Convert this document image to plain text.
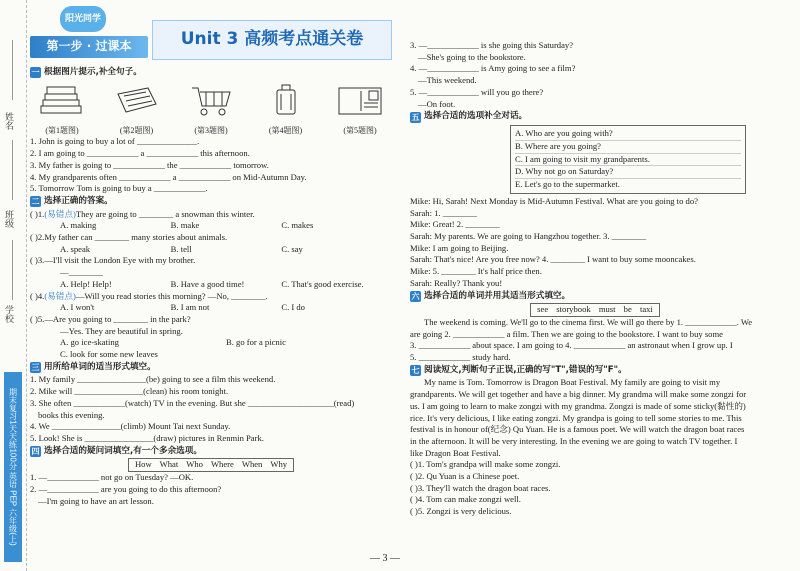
姓名
班级
学校
期末复习1天天练100分 英语 PEP 六年级(上)
阳光同学
第一步 · 过课本	Unit 3 高频考点通关卷
一 根据图片提示,补全句子。
(第1题图)	(第2题图)	(第3题图)	(第4题图)	(第5题图)
1. John is going to buy a lot of ______________.
2. I am going to ____________ a ____________ this afternoon.
3. My father is going to ____________ the ____________ tomorrow.
4. My grandparents often ____________ a ____________ on Mid-Autumn Day.
5. Tomorrow Tom is going to buy a ____________.
二 选择正确的答案。
( )1.(易错点)They are going to ________ a snowman this winter.
A. making	B. make	C. makes
( )2.My father can ________ many stories about animals.
A. speak	B. tell	C. say
( )3.—I'll visit the London Eye with my brother.
—________
A. Help! Help!	B. Have a good time!	C. That's good exercise.
( )4.(易错点)—Will you read stories this morning? —No, ________.
A. I won't	B. I am not	C. I do
( )5.—Are you going to ________ in the park?
—Yes. They are beautiful in spring.
A. go ice-skating	B. go for a picnic
C. look for some new leaves
三 用所给单词的适当形式填空。
1. My family ________________(be) going to see a film this weekend.
2. Mike will ________________(clean) his room tonight.
3. She often ____________(watch) TV in the evening. But she ____________________(read)
books this evening.
4. We ________________(climb) Mount Tai next Sunday.
5. Look! She is ________________(draw) pictures in Renmin Park.
四 选择合适的疑问词填空,有一个多余选项。
How What Who Where When Why
1. —____________ not go on Tuesday? —OK.
2. —____________ are you going to do this afternoon?
—I'm going to have an art lesson.
3. —____________ is she going this Saturday?
—She's going to the bookstore.
4. —____________ is Amy going to see a film?
—This weekend.
5. —____________ will you go there?
—On foot.
五 选择合适的选项补全对话。
A. Who are you going with?
B. Where are you going?
C. I am going to visit my grandparents.
D. Why not go on Saturday?
E. Let's go to the supermarket.
Mike: Hi, Sarah! Next Monday is Mid-Autumn Festival. What are you going to do?
Sarah: 1. ________
Mike: Great! 2. ________
Sarah: My parents. We are going to Hangzhou together. 3. ________
Mike: I am going to Beijing.
Sarah: That's nice! Are you free now? 4. ________ I want to buy some mooncakes.
Mike: 5. ________ It's half price then.
Sarah: Really? Thank you!
六 选择合适的单词并用其适当形式填空。
see storybook must be taxi
The weekend is coming. We'll go to the cinema first. We will go there by 1. ____________. We
are going 2. ____________ a film. Then we are going to the bookstore. I want to buy some
3. ____________ about space. I am going to 4. ____________ an astronaut when I grow up. I
5. ____________ study hard.
七 阅读短文,判断句子正误,正确的写"T",错误的写"F"。
My name is Tom. Tomorrow is Dragon Boat Festival. My family are going to visit my
grandparents. We will get together and have a big dinner. My grandma will make some zongzi for
us. I am going to learn to make zongzi with my grandma. Zongzi is made of some sticky(黏性的)
rice. It's very delicious, I like eating zongzi. My grandpa is going to tell some stories to me. This
festival is in honour of(纪念) Qu Yuan. He is a famous poet. We will watch the dragon boat races
in the afternoon. It will be very interesting. In the evening we are going to watch TV together. I
like Dragon Boat Festival.
( )1. Tom's grandpa will make some zongzi.
( )2. Qu Yuan is a Chinese poet.
( )3. They'll watch the dragon boat races.
( )4. Tom can make zongzi well.
( )5. Zongzi is very delicious.
— 3 —
